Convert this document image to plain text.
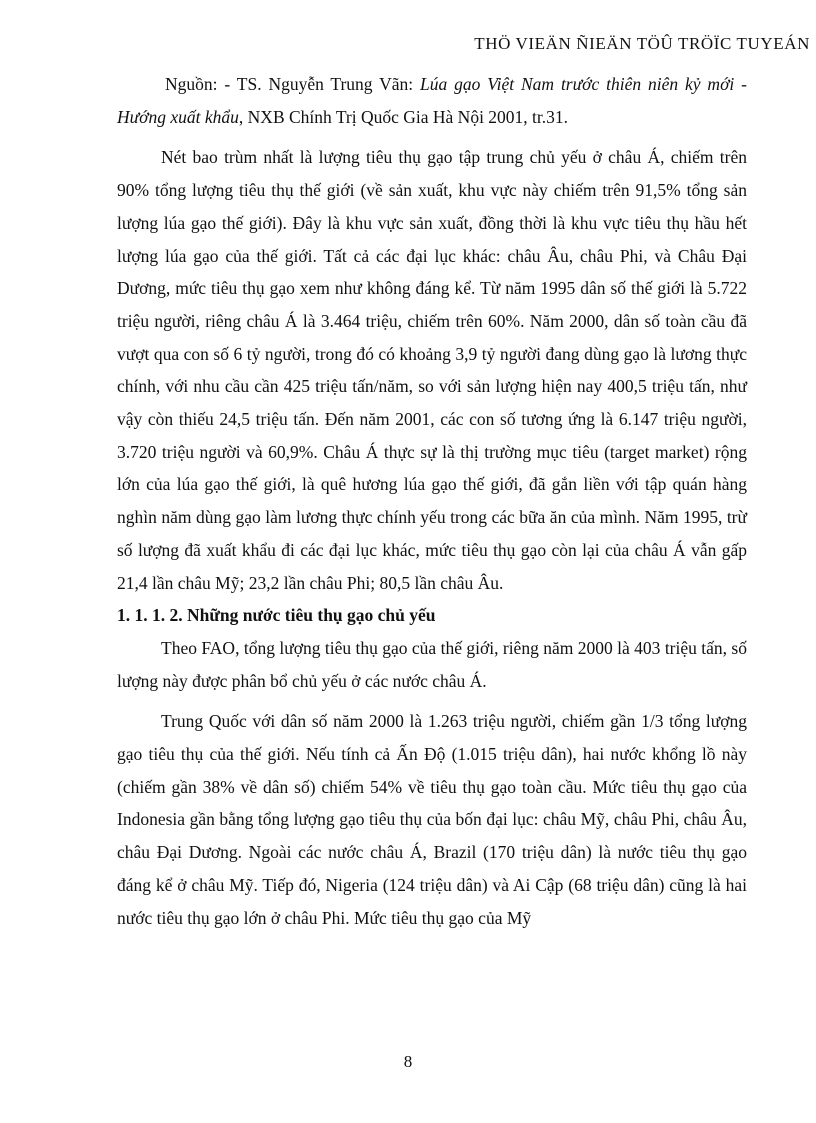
THÖ VIEÄN ÑIEÄN TÖÛ TRÖÏC TUYEÁN

Nguồn: - TS. Nguyễn Trung Vãn: Lúa gạo Việt Nam trước thiên niên kỷ mới - Hướng xuất khẩu, NXB Chính Trị Quốc Gia Hà Nội 2001, tr.31.

Nét bao trùm nhất là lượng tiêu thụ gạo tập trung chủ yếu ở châu Á, chiếm trên 90% tổng lượng tiêu thụ thế giới (về sản xuất, khu vực này chiếm trên 91,5% tổng sản lượng lúa gạo thế giới). Đây là khu vực sản xuất, đồng thời là khu vực tiêu thụ hầu hết lượng lúa gạo của thế giới. Tất cả các đại lục khác: châu Âu, châu Phi, và Châu Đại Dương, mức tiêu thụ gạo xem như không đáng kể. Từ năm 1995 dân số thế giới là 5.722 triệu người, riêng châu Á là 3.464 triệu, chiếm trên 60%. Năm 2000, dân số toàn cầu đã vượt qua con số 6 tỷ người, trong đó có khoảng 3,9 tỷ người đang dùng gạo là lương thực chính, với nhu cầu cần 425 triệu tấn/năm, so với sản lượng hiện nay 400,5 triệu tấn, như vậy còn thiếu 24,5 triệu tấn. Đến năm 2001, các con số tương ứng là 6.147 triệu người, 3.720 triệu người và 60,9%. Châu Á thực sự là thị trường mục tiêu (target market) rộng lớn của lúa gạo thế giới, là quê hương lúa gạo thế giới, đã gắn liền với tập quán hàng nghìn năm dùng gạo làm lương thực chính yếu trong các bữa ăn của mình. Năm 1995, trừ số lượng đã xuất khẩu đi các đại lục khác, mức tiêu thụ gạo còn lại của châu Á vẫn gấp 21,4 lần châu Mỹ; 23,2 lần châu Phi; 80,5 lần châu Âu.

1. 1. 1. 2. Những nước tiêu thụ gạo chủ yếu

Theo FAO, tổng lượng tiêu thụ gạo của thế giới, riêng năm 2000 là 403 triệu tấn, số lượng này được phân bổ chủ yếu ở các nước châu Á.

Trung Quốc với dân số năm 2000 là 1.263 triệu người, chiếm gần 1/3 tổng lượng gạo tiêu thụ của thế giới. Nếu tính cả Ấn Độ (1.015 triệu dân), hai nước khổng lồ này (chiếm gần 38% về dân số) chiếm 54% về tiêu thụ gạo toàn cầu. Mức tiêu thụ gạo của Indonesia gần bằng tổng lượng gạo tiêu thụ của bốn đại lục: châu Mỹ, châu Phi, châu Âu, châu Đại Dương. Ngoài các nước châu Á, Brazil (170 triệu dân) là nước tiêu thụ gạo đáng kể ở châu Mỹ. Tiếp đó, Nigeria (124 triệu dân) và Ai Cập (68 triệu dân) cũng là hai nước tiêu thụ gạo lớn ở châu Phi. Mức tiêu thụ gạo của Mỹ

8
